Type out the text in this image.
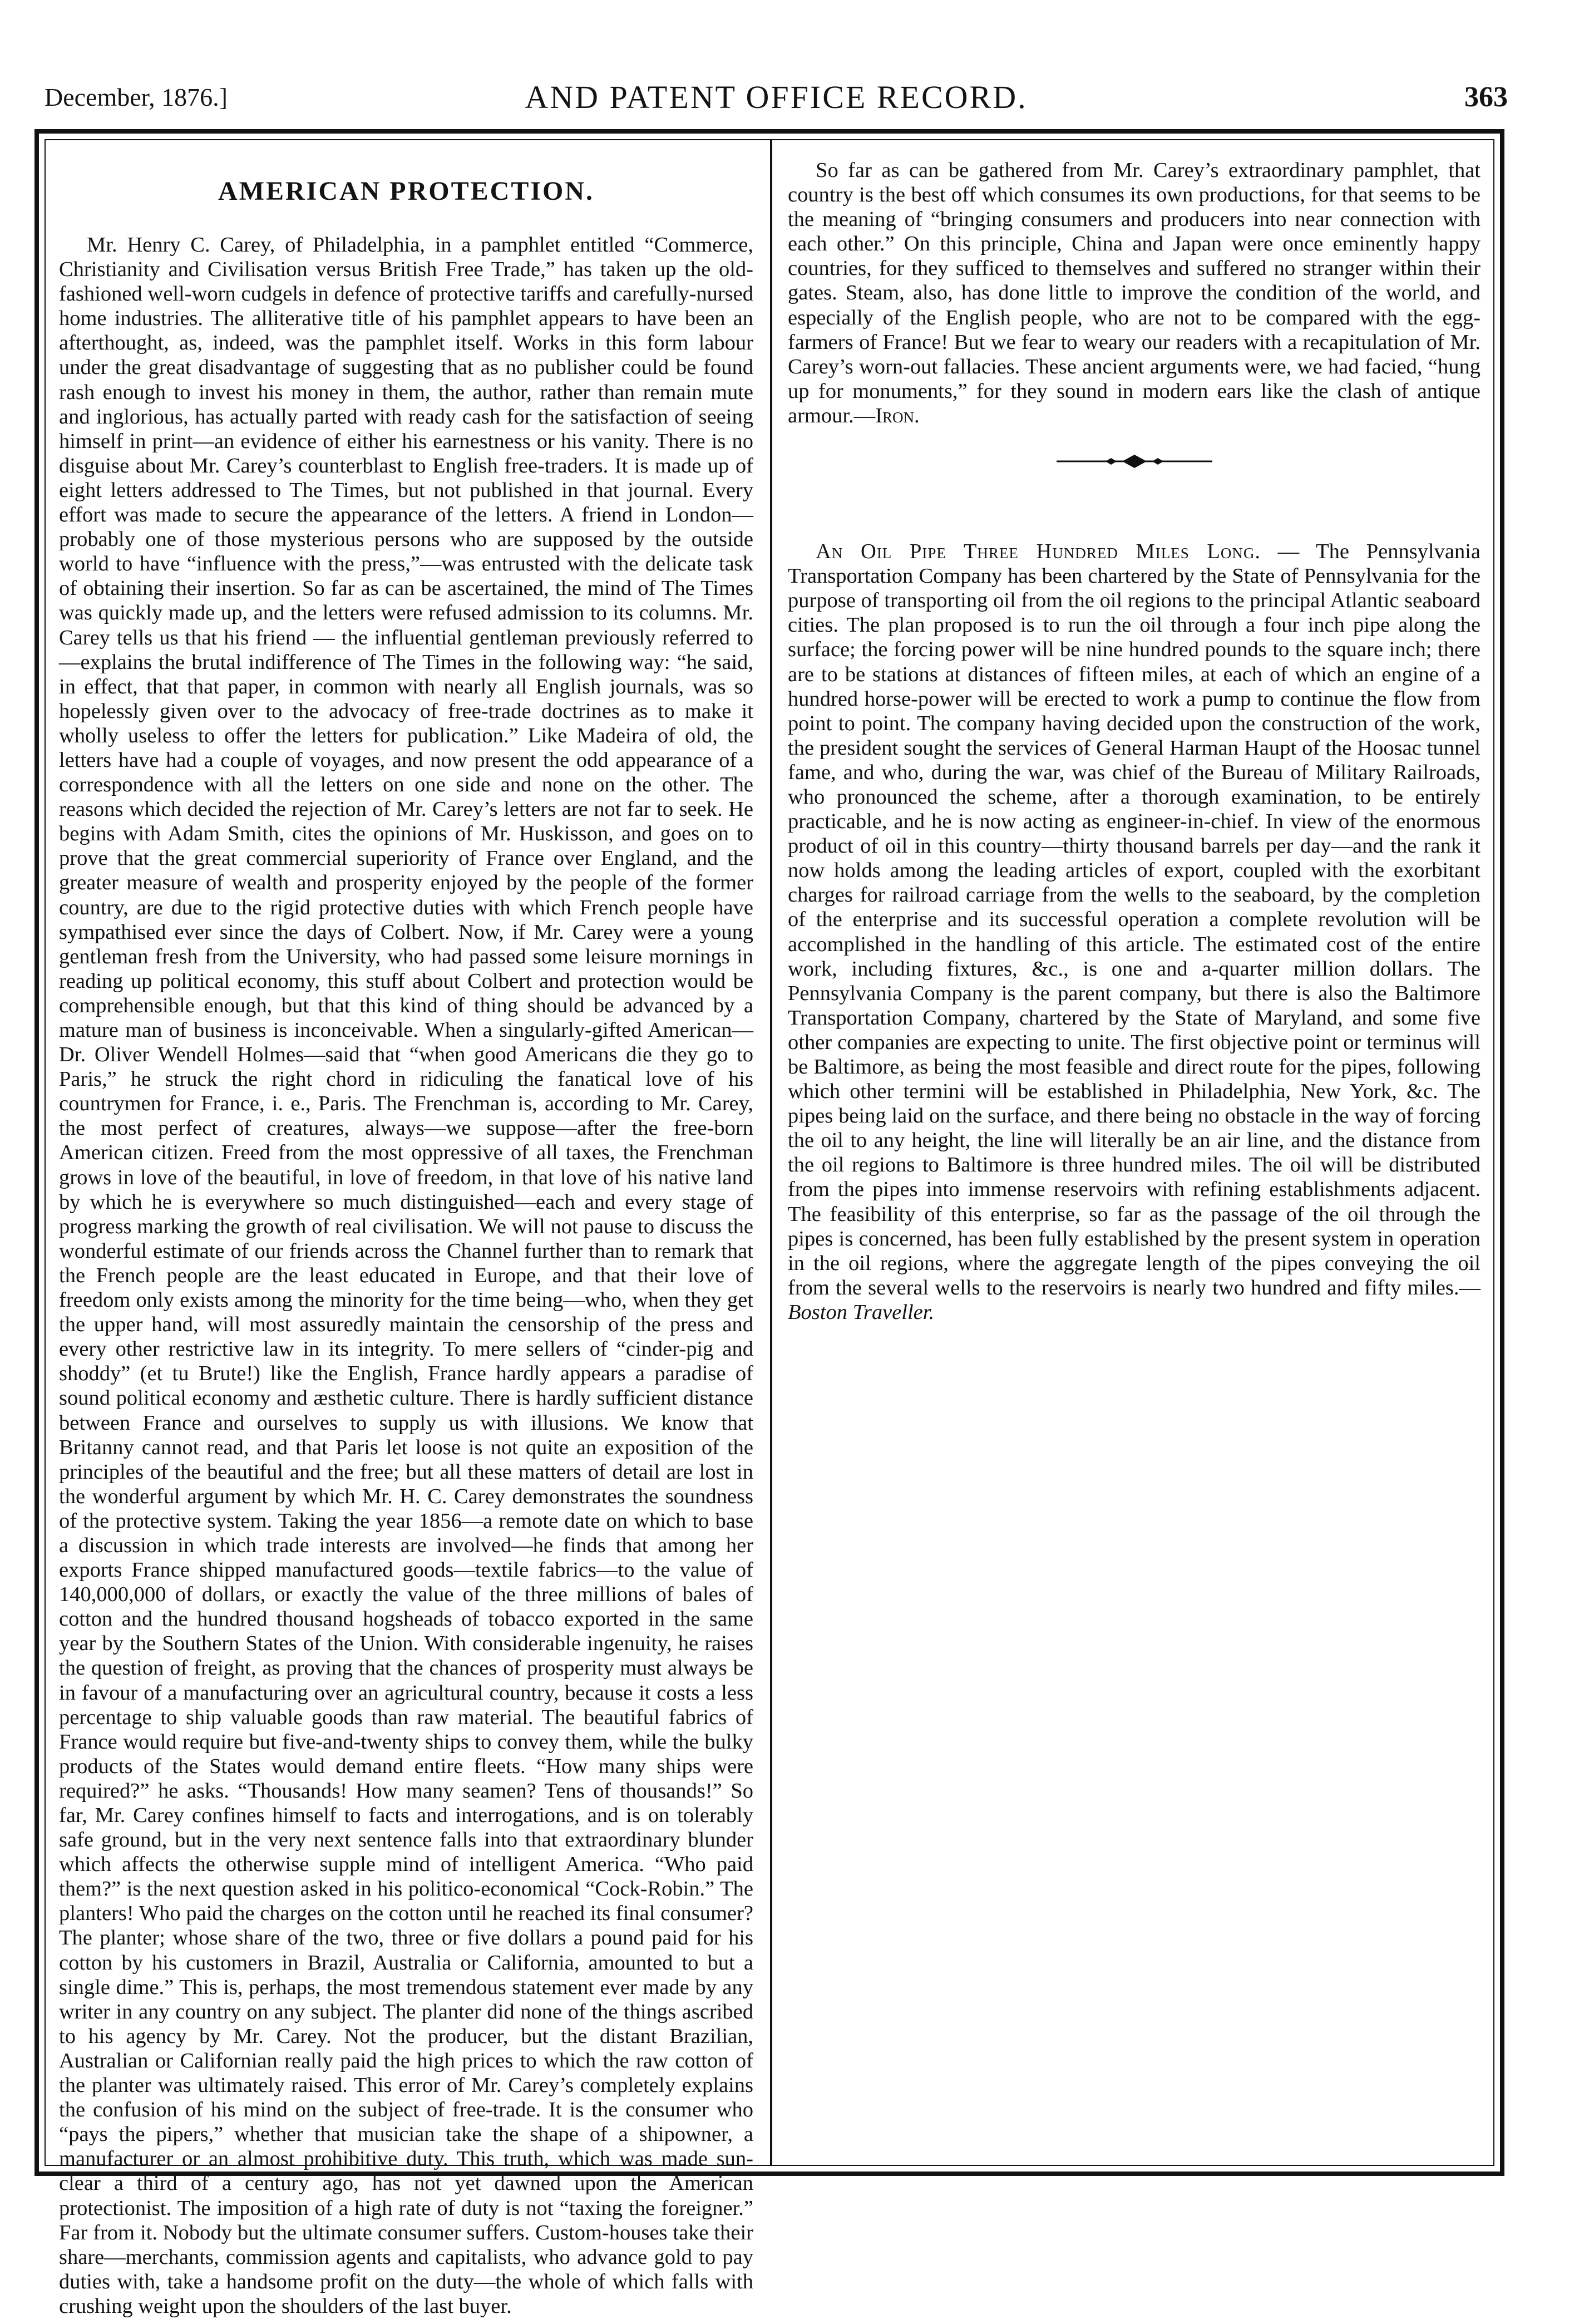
December, 1876.]	AND PATENT OFFICE RECORD.	363
AMERICAN PROTECTION.

Mr. Henry C. Carey, of Philadelphia, in a pamphlet entitled “Commerce, Christianity and Civilisation versus British Free Trade,” has taken up the old-fashioned well-worn cudgels in defence of protective tariffs and carefully-nursed home industries. The alliterative title of his pamphlet appears to have been an afterthought, as, indeed, was the pamphlet itself. Works in this form labour under the great disadvantage of suggesting that as no publisher could be found rash enough to invest his money in them, the author, rather than remain mute and inglorious, has actually parted with ready cash for the satisfaction of seeing himself in print—an evidence of either his earnestness or his vanity. There is no disguise about Mr. Carey’s counterblast to English free-traders. It is made up of eight letters addressed to The Times, but not published in that journal. Every effort was made to secure the appearance of the letters. A friend in London—probably one of those mysterious persons who are supposed by the outside world to have “influence with the press,”—was entrusted with the delicate task of obtaining their insertion. So far as can be ascertained, the mind of The Times was quickly made up, and the letters were refused admission to its columns. Mr. Carey tells us that his friend — the influential gentleman previously referred to—explains the brutal indifference of The Times in the following way: “he said, in effect, that that paper, in common with nearly all English journals, was so hopelessly given over to the advocacy of free-trade doctrines as to make it wholly useless to offer the letters for publication.” Like Madeira of old, the letters have had a couple of voyages, and now present the odd appearance of a correspondence with all the letters on one side and none on the other. The reasons which decided the rejection of Mr. Carey’s letters are not far to seek. He begins with Adam Smith, cites the opinions of Mr. Huskisson, and goes on to prove that the great commercial superiority of France over England, and the greater measure of wealth and prosperity enjoyed by the people of the former country, are due to the rigid protective duties with which French people have sympathised ever since the days of Colbert. Now, if Mr. Carey were a young gentleman fresh from the University, who had passed some leisure mornings in reading up political economy, this stuff about Colbert and protection would be comprehensible enough, but that this kind of thing should be advanced by a mature man of business is inconceivable. When a singularly-gifted American—Dr. Oliver Wendell Holmes—said that “when good Americans die they go to Paris,” he struck the right chord in ridiculing the fanatical love of his countrymen for France, i. e., Paris. The Frenchman is, according to Mr. Carey, the most perfect of creatures, always—we suppose—after the free-born American citizen. Freed from the most oppressive of all taxes, the Frenchman grows in love of the beautiful, in love of freedom, in that love of his native land by which he is everywhere so much distinguished—each and every stage of progress marking the growth of real civilisation. We will not pause to discuss the wonderful estimate of our friends across the Channel further than to remark that the French people are the least educated in Europe, and that their love of freedom only exists among the minority for the time being—who, when they get the upper hand, will most assuredly maintain the censorship of the press and every other restrictive law in its integrity. To mere sellers of “cinder-pig and shoddy” (et tu Brute!) like the English, France hardly appears a paradise of sound political economy and æsthetic culture. There is hardly sufficient distance between France and ourselves to supply us with illusions. We know that Britanny cannot read, and that Paris let loose is not quite an exposition of the principles of the beautiful and the free; but all these matters of detail are lost in the wonderful argument by which Mr. H. C. Carey demonstrates the soundness of the protective system. Taking the year 1856—a remote date on which to base a discussion in which trade interests are involved—he finds that among her exports France shipped manufactured goods—textile fabrics—to the value of 140,000,000 of dollars, or exactly the value of the three millions of bales of cotton and the hundred thousand hogsheads of tobacco exported in the same year by the Southern States of the Union. With considerable ingenuity, he raises the question of freight, as proving that the chances of prosperity must always be in favour of a manufacturing over an agricultural country, because it costs a less percentage to ship valuable goods than raw material. The beautiful fabrics of France would require but five-and-twenty ships to convey them, while the bulky products of the States would demand entire fleets. “How many ships were required?” he asks. “Thousands! How many seamen? Tens of thousands!” So far, Mr. Carey confines himself to facts and interrogations, and is on tolerably safe ground, but in the very next sentence falls into that extraordinary blunder which affects the otherwise supple mind of intelligent America. “Who paid them?” is the next question asked in his politico-economical “Cock-Robin.” The planters! Who paid the charges on the cotton until he reached its final consumer? The planter; whose share of the two, three or five dollars a pound paid for his cotton by his customers in Brazil, Australia or California, amounted to but a single dime.” This is, perhaps, the most tremendous statement ever made by any writer in any country on any subject. The planter did none of the things ascribed to his agency by Mr. Carey. Not the producer, but the distant Brazilian, Australian or Californian really paid the high prices to which the raw cotton of the planter was ultimately raised. This error of Mr. Carey’s completely explains the confusion of his mind on the subject of free-trade. It is the consumer who “pays the pipers,” whether that musician take the shape of a shipowner, a manufacturer or an almost prohibitive duty. This truth, which was made sun-clear a third of a century ago, has not yet dawned upon the American protectionist. The imposition of a high rate of duty is not “taxing the foreigner.” Far from it. Nobody but the ultimate consumer suffers. Custom-houses take their share—merchants, commission agents and capitalists, who advance gold to pay duties with, take a handsome profit on the duty—the whole of which falls with crushing weight upon the shoulders of the last buyer.

So far as can be gathered from Mr. Carey’s extraordinary pamphlet, that country is the best off which consumes its own productions, for that seems to be the meaning of “bringing consumers and producers into near connection with each other.” On this principle, China and Japan were once eminently happy countries, for they sufficed to themselves and suffered no stranger within their gates. Steam, also, has done little to improve the condition of the world, and especially of the English people, who are not to be compared with the egg-farmers of France! But we fear to weary our readers with a recapitulation of Mr. Carey’s worn-out fallacies. These ancient arguments were, we had facied, “hung up for monuments,” for they sound in modern ears like the clash of antique armour.—Iron.

An Oil Pipe Three Hundred Miles Long. — The Pennsylvania Transportation Company has been chartered by the State of Pennsylvania for the purpose of transporting oil from the oil regions to the principal Atlantic seaboard cities. The plan proposed is to run the oil through a four inch pipe along the surface; the forcing power will be nine hundred pounds to the square inch; there are to be stations at distances of fifteen miles, at each of which an engine of a hundred horse-power will be erected to work a pump to continue the flow from point to point. The company having decided upon the construction of the work, the president sought the services of General Harman Haupt of the Hoosac tunnel fame, and who, during the war, was chief of the Bureau of Military Railroads, who pronounced the scheme, after a thorough examination, to be entirely practicable, and he is now acting as engineer-in-chief. In view of the enormous product of oil in this country—thirty thousand barrels per day—and the rank it now holds among the leading articles of export, coupled with the exorbitant charges for railroad carriage from the wells to the seaboard, by the completion of the enterprise and its successful operation a complete revolution will be accomplished in the handling of this article. The estimated cost of the entire work, including fixtures, &c., is one and a-quarter million dollars. The Pennsylvania Company is the parent company, but there is also the Baltimore Transportation Company, chartered by the State of Maryland, and some five other companies are expecting to unite. The first objective point or terminus will be Baltimore, as being the most feasible and direct route for the pipes, following which other termini will be established in Philadelphia, New York, &c. The pipes being laid on the surface, and there being no obstacle in the way of forcing the oil to any height, the line will literally be an air line, and the distance from the oil regions to Baltimore is three hundred miles. The oil will be distributed from the pipes into immense reservoirs with refining establishments adjacent. The feasibility of this enterprise, so far as the passage of the oil through the pipes is concerned, has been fully established by the present system in operation in the oil regions, where the aggregate length of the pipes conveying the oil from the several wells to the reservoirs is nearly two hundred and fifty miles.—Boston Traveller.
